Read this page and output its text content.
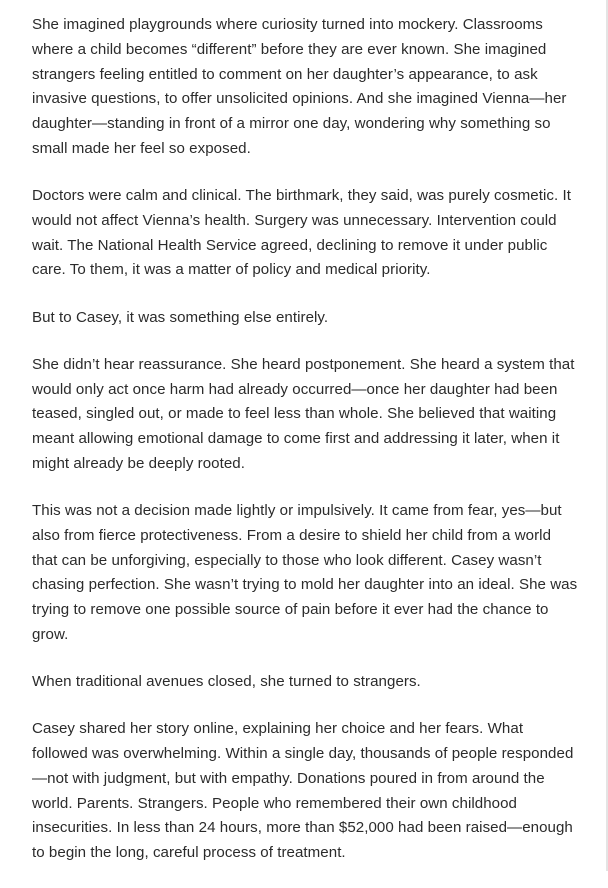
She imagined playgrounds where curiosity turned into mockery. Classrooms where a child becomes “different” before they are ever known. She imagined strangers feeling entitled to comment on her daughter’s appearance, to ask invasive questions, to offer unsolicited opinions. And she imagined Vienna—her daughter—standing in front of a mirror one day, wondering why something so small made her feel so exposed.

Doctors were calm and clinical. The birthmark, they said, was purely cosmetic. It would not affect Vienna’s health. Surgery was unnecessary. Intervention could wait. The National Health Service agreed, declining to remove it under public care. To them, it was a matter of policy and medical priority.

But to Casey, it was something else entirely.

She didn’t hear reassurance. She heard postponement. She heard a system that would only act once harm had already occurred—once her daughter had been teased, singled out, or made to feel less than whole. She believed that waiting meant allowing emotional damage to come first and addressing it later, when it might already be deeply rooted.

This was not a decision made lightly or impulsively. It came from fear, yes—but also from fierce protectiveness. From a desire to shield her child from a world that can be unforgiving, especially to those who look different. Casey wasn’t chasing perfection. She wasn’t trying to mold her daughter into an ideal. She was trying to remove one possible source of pain before it ever had the chance to grow.

When traditional avenues closed, she turned to strangers.

Casey shared her story online, explaining her choice and her fears. What followed was overwhelming. Within a single day, thousands of people responded—not with judgment, but with empathy. Donations poured in from around the world. Parents. Strangers. People who remembered their own childhood insecurities. In less than 24 hours, more than $52,000 had been raised—enough to begin the long, careful process of treatment.
